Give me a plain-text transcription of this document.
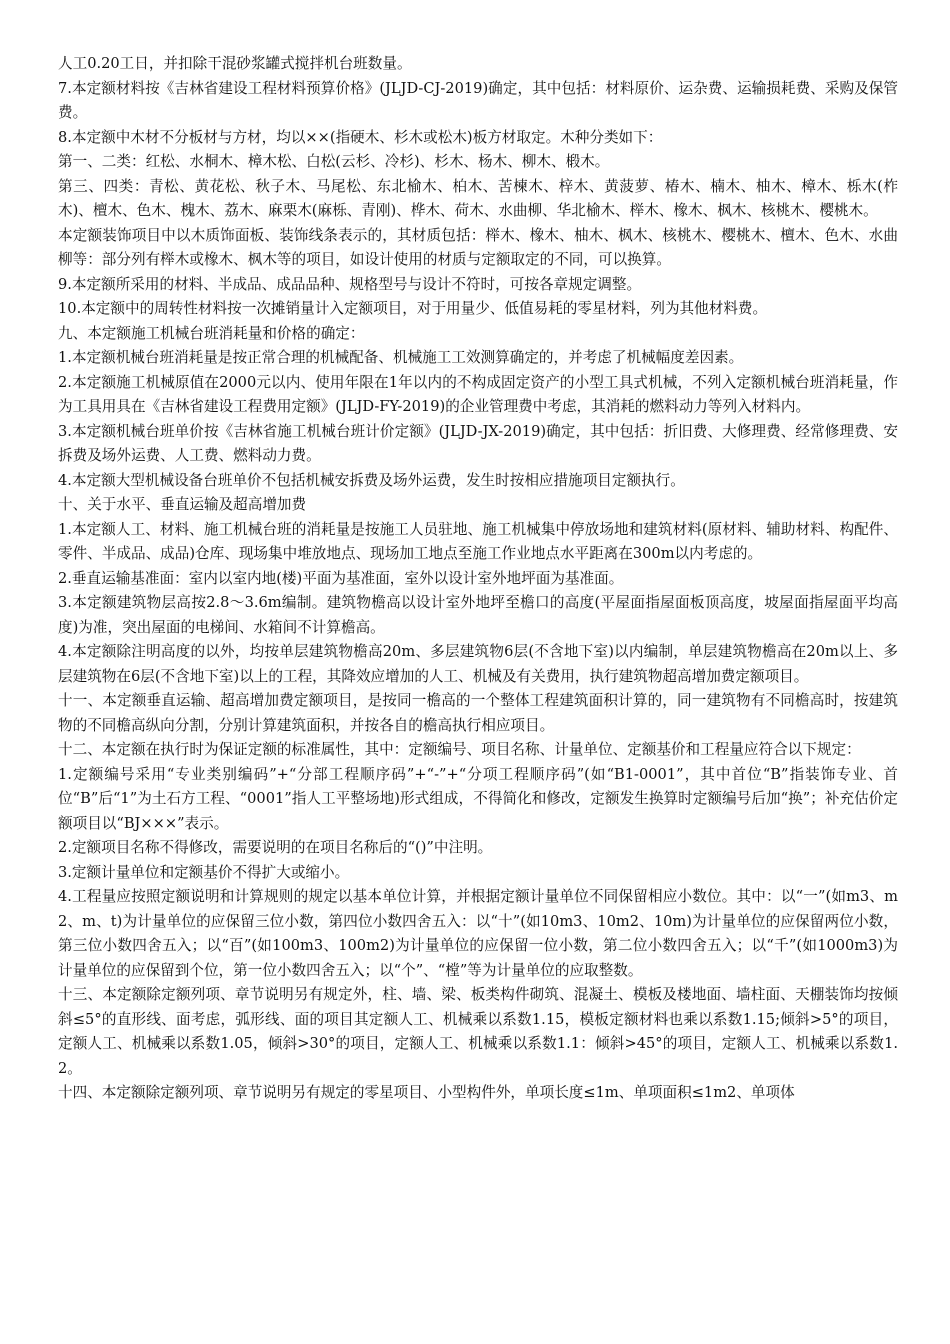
人工0.20工日，并扣除干混砂浆罐式搅拌机台班数量。

7.本定额材料按《吉林省建设工程材料预算价格》(JLJD-CJ-2019)确定，其中包括：材料原价、运杂费、运输损耗费、采购及保管费。

8.本定额中木材不分板材与方材，均以××(指硬木、杉木或松木)板方材取定。木种分类如下：

第一、二类：红松、水桐木、樟木松、白松(云杉、冷杉)、杉木、杨木、柳木、椴木。

第三、四类：青松、黄花松、秋子木、马尾松、东北榆木、柏木、苦楝木、梓木、黄菠萝、椿木、楠木、柚木、樟木、栎木(柞木)、檀木、色木、槐木、荔木、麻栗木(麻栎、青刚)、桦木、荷木、水曲柳、华北榆木、榉木、橡木、枫木、核桃木、樱桃木。

本定额装饰项目中以木质饰面板、装饰线条表示的，其材质包括：榉木、橡木、柚木、枫木、核桃木、樱桃木、檀木、色木、水曲柳等：部分列有榉木或橡木、枫木等的项目，如设计使用的材质与定额取定的不同，可以换算。

9.本定额所采用的材料、半成品、成品品种、规格型号与设计不符时，可按各章规定调整。

10.本定额中的周转性材料按一次摊销量计入定额项目，对于用量少、低值易耗的零星材料，列为其他材料费。

九、本定额施工机械台班消耗量和价格的确定：

1.本定额机械台班消耗量是按正常合理的机械配备、机械施工工效测算确定的，并考虑了机械幅度差因素。

2.本定额施工机械原值在2000元以内、使用年限在1年以内的不构成固定资产的小型工具式机械，不列入定额机械台班消耗量，作为工具用具在《吉林省建设工程费用定额》(JLJD-FY-2019)的企业管理费中考虑，其消耗的燃料动力等列入材料内。

3.本定额机械台班单价按《吉林省施工机械台班计价定额》(JLJD-JX-2019)确定，其中包括：折旧费、大修理费、经常修理费、安拆费及场外运费、人工费、燃料动力费。

4.本定额大型机械设备台班单价不包括机械安拆费及场外运费，发生时按相应措施项目定额执行。

十、关于水平、垂直运输及超高增加费

1.本定额人工、材料、施工机械台班的消耗量是按施工人员驻地、施工机械集中停放场地和建筑材料(原材料、辅助材料、构配件、零件、半成品、成品)仓库、现场集中堆放地点、现场加工地点至施工作业地点水平距离在300m以内考虑的。

2.垂直运输基准面：室内以室内地(楼)平面为基准面，室外以设计室外地坪面为基准面。

3.本定额建筑物层高按2.8～3.6m编制。建筑物檐高以设计室外地坪至檐口的高度(平屋面指屋面板顶高度，坡屋面指屋面平均高度)为准，突出屋面的电梯间、水箱间不计算檐高。

4.本定额除注明高度的以外，均按单层建筑物檐高20m、多层建筑物6层(不含地下室)以内编制，单层建筑物檐高在20m以上、多层建筑物在6层(不含地下室)以上的工程，其降效应增加的人工、机械及有关费用，执行建筑物超高增加费定额项目。

十一、本定额垂直运输、超高增加费定额项目，是按同一檐高的一个整体工程建筑面积计算的，同一建筑物有不同檐高时，按建筑物的不同檐高纵向分割，分别计算建筑面积，并按各自的檐高执行相应项目。

十二、本定额在执行时为保证定额的标准属性，其中：定额编号、项目名称、计量单位、定额基价和工程量应符合以下规定：

1.定额编号采用“专业类别编码”+“分部工程顺序码”+“-”+“分项工程顺序码”(如“B1-0001”，其中首位“B”指装饰专业、首位“B”后“1”为土石方工程、“0001”指人工平整场地)形式组成，不得简化和修改，定额发生换算时定额编号后加“换”；补充估价定额项目以“BJ×××”表示。

2.定额项目名称不得修改，需要说明的在项目名称后的“()”中注明。

3.定额计量单位和定额基价不得扩大或缩小。

4.工程量应按照定额说明和计算规则的规定以基本单位计算，并根据定额计量单位不同保留相应小数位。其中：以“一”(如m3、m2、m、t)为计量单位的应保留三位小数，第四位小数四舍五入：以“十”(如10m3、10m2、10m)为计量单位的应保留两位小数，第三位小数四舍五入；以“百”(如100m3、100m2)为计量单位的应保留一位小数，第二位小数四舍五入；以“千”(如1000m3)为计量单位的应保留到个位，第一位小数四舍五入；以“个”、“樘”等为计量单位的应取整数。

十三、本定额除定额列项、章节说明另有规定外，柱、墙、梁、板类构件砌筑、混凝土、模板及楼地面、墙柱面、天棚装饰均按倾斜≤5°的直形线、面考虑，弧形线、面的项目其定额人工、机械乘以系数1.15，模板定额材料也乘以系数1.15;倾斜>5°的项目，定额人工、机械乘以系数1.05，倾斜>30°的项目，定额人工、机械乘以系数1.1：倾斜>45°的项目，定额人工、机械乘以系数1.2。

十四、本定额除定额列项、章节说明另有规定的零星项目、小型构件外，单项长度≤1m、单项面积≤1m2、单项体
